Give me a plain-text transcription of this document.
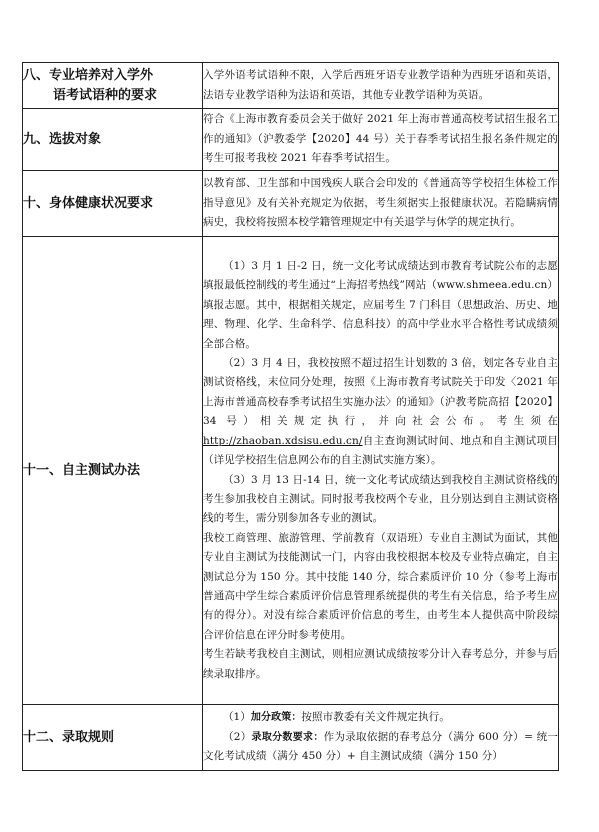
八、专业培养对入学外
语考试语种的要求	入学外语考试语种不限，入学后西班牙语专业教学语种为西班牙语和英语，法语专业教学语种为法语和英语，其他专业教学语种为英语。

九、选拔对象	符合《上海市教育委员会关于做好 2021 年上海市普通高校考试招生报名工作的通知》（沪教委学【2020】44 号）关于春季考试招生报名条件规定的考生可报考我校 2021 年春季考试招生。

十、身体健康状况要求	以教育部、卫生部和中国残疾人联合会印发的《普通高等学校招生体检工作指导意见》及有关补充规定为依据，考生须据实上报健康状况。若隐瞒病情病史，我校将按照本校学籍管理规定中有关退学与休学的规定执行。

十一、自主测试办法	（1）3 月 1 日-2 日，统一文化考试成绩达到市教育考试院公布的志愿填报最低控制线的考生通过“上海招考热线”网站（www.shmeea.edu.cn）填报志愿。其中，根据相关规定，应届考生 7 门科目（思想政治、历史、地理、物理、化学、生命科学、信息科技）的高中学业水平合格性考试成绩须全部合格。
（2）3 月 4 日，我校按照不超过招生计划数的 3 倍，划定各专业自主测试资格线，末位同分处理，按照《上海市教育考试院关于印发〈2021 年上海市普通高校春季考试招生实施办法〉的通知》（沪教考院高招【2020】34 号）相关规定执行，并向社会公布。考生须在http://zhaoban.xdsisu.edu.cn/自主查询测试时间、地点和自主测试项目（详见学校招生信息网公布的自主测试实施方案）。
（3）3 月 13 日-14 日，统一文化考试成绩达到我校自主测试资格线的考生参加我校自主测试。同时报考我校两个专业，且分别达到自主测试资格线的考生，需分别参加各专业的测试。
我校工商管理、旅游管理、学前教育（双语班）专业自主测试为面试，其他专业自主测试为技能测试一门，内容由我校根据本校及专业特点确定，自主测试总分为 150 分。其中技能 140 分，综合素质评价 10 分（参考上海市普通高中学生综合素质评价信息管理系统提供的考生有关信息，给予考生应有的得分）。对没有综合素质评价信息的考生，由考生本人提供高中阶段综合评价信息在评分时参考使用。
考生若缺考我校自主测试，则相应测试成绩按零分计入春考总分，并参与后续录取排序。

十二、录取规则	（1）加分政策：按照市教委有关文件规定执行。
（2）录取分数要求：作为录取依据的春考总分（满分 600 分）= 统一文化考试成绩（满分 450 分）+ 自主测试成绩（满分 150 分）
